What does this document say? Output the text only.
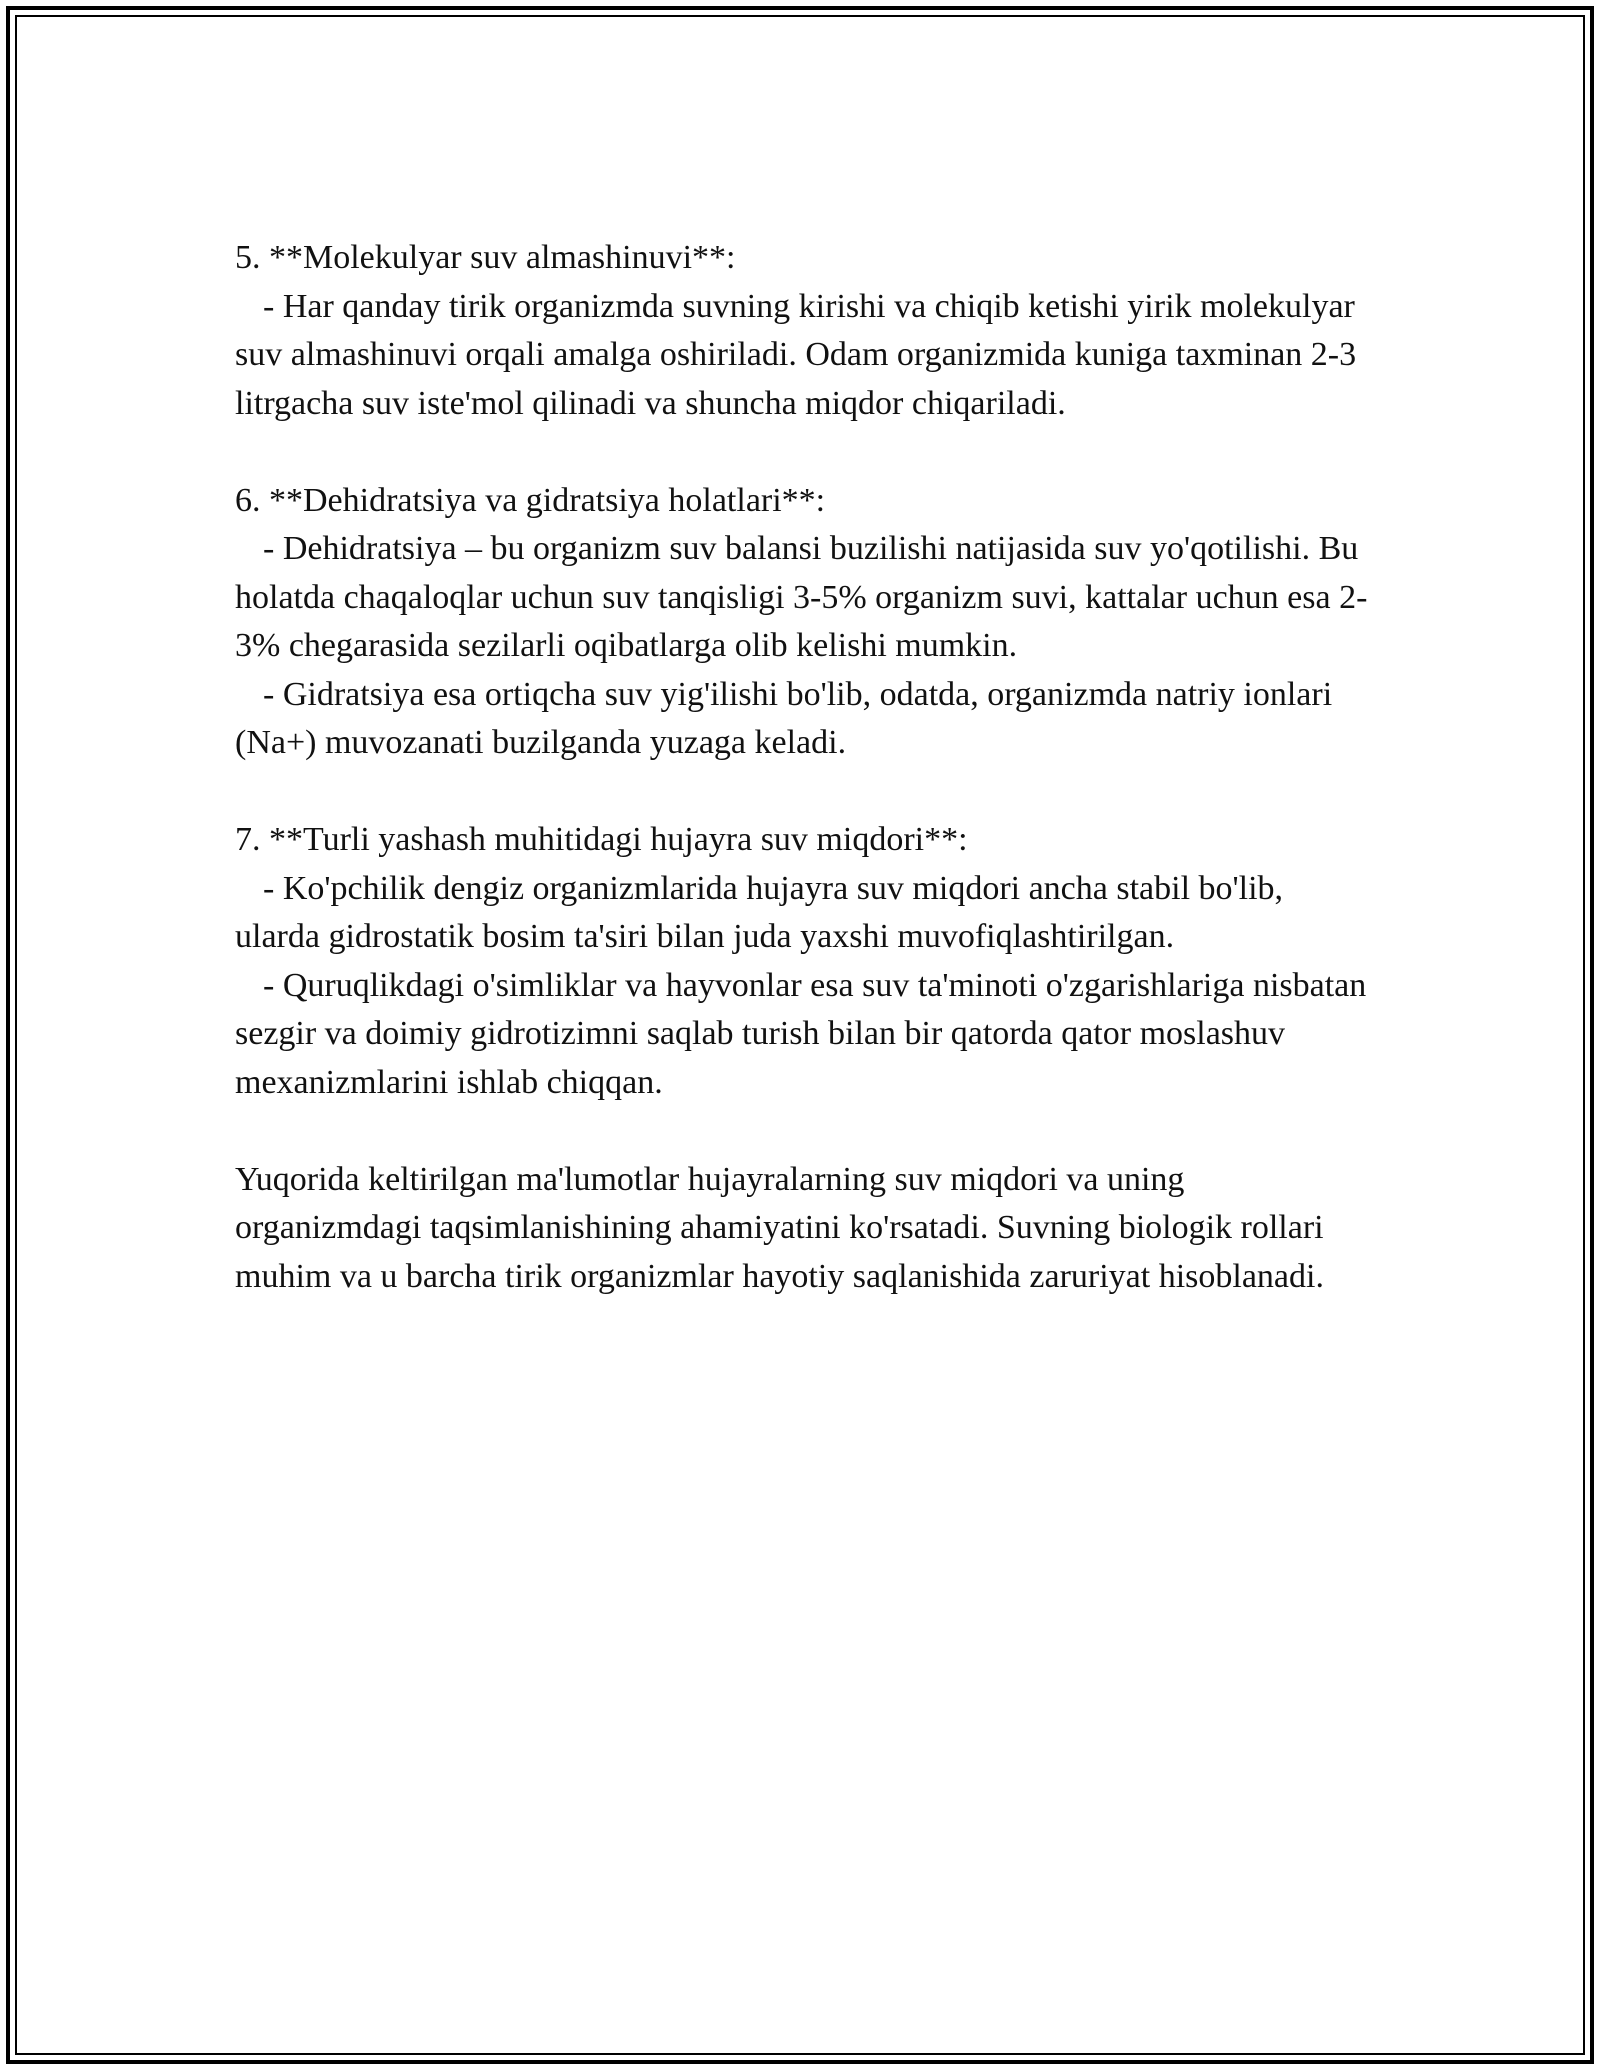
5. **Molekulyar suv almashinuvi**:

- Har qanday tirik organizmda suvning kirishi va chiqib ketishi yirik molekulyar suv almashinuvi orqali amalga oshiriladi. Odam organizmida kuniga taxminan 2-3 litrgacha suv iste'mol qilinadi va shuncha miqdor chiqariladi.

6. **Dehidratsiya va gidratsiya holatlari**:

- Dehidratsiya – bu organizm suv balansi buzilishi natijasida suv yo'qotilishi. Bu holatda chaqaloqlar uchun suv tanqisligi 3-5% organizm suvi, kattalar uchun esa 2-3% chegarasida sezilarli oqibatlarga olib kelishi mumkin.

- Gidratsiya esa ortiqcha suv yig'ilishi bo'lib, odatda, organizmda natriy ionlari (Na+) muvozanati buzilganda yuzaga keladi.

7. **Turli yashash muhitidagi hujayra suv miqdori**:

- Ko'pchilik dengiz organizmlarida hujayra suv miqdori ancha stabil bo'lib, ularda gidrostatik bosim ta'siri bilan juda yaxshi muvofiqlashtirilgan.

- Quruqlikdagi o'simliklar va hayvonlar esa suv ta'minoti o'zgarishlariga nisbatan sezgir va doimiy gidrotizimni saqlab turish bilan bir qatorda qator moslashuv mexanizmlarini ishlab chiqqan.

Yuqorida keltirilgan ma'lumotlar hujayralarning suv miqdori va uning organizmdagi taqsimlanishining ahamiyatini ko'rsatadi. Suvning biologik rollari muhim va u barcha tirik organizmlar hayotiy saqlanishida zaruriyat hisoblanadi.
